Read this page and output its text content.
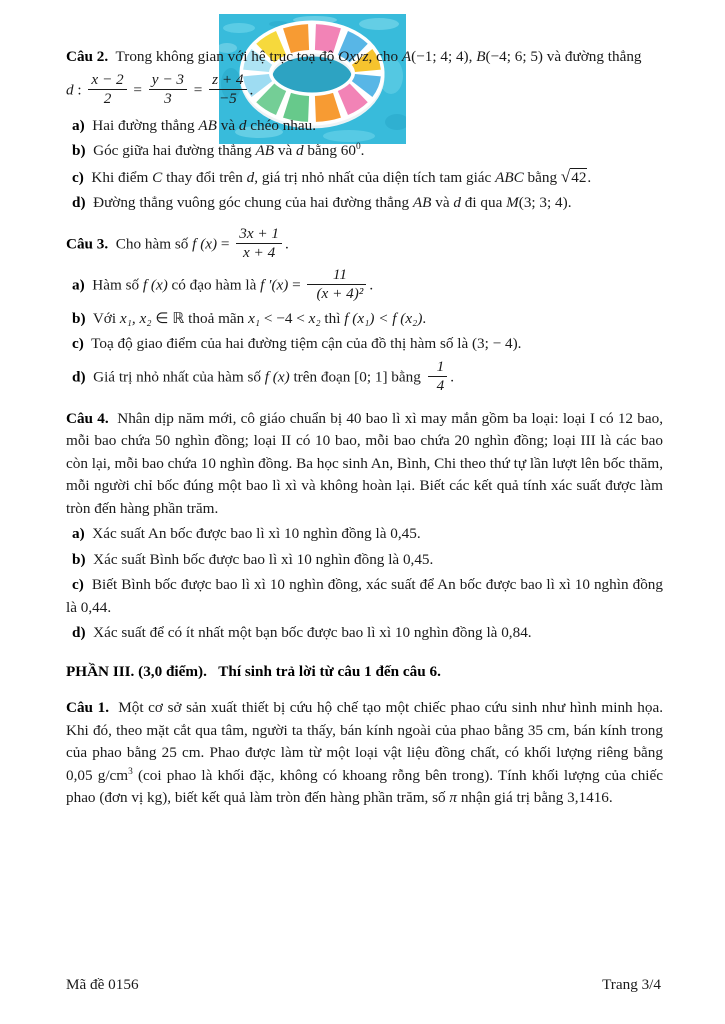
Câu 2. Trong không gian với hệ trục toạ độ Oxyz, cho A(−1; 4; 4), B(−4; 6; 5) và đường thẳng

d : $\frac{x - 2}{2} = \frac{y - 3}{3} = \frac{z + 4}{-5}$ .

a) Hai đường thẳng AB và d chéo nhau.

b) Góc giữa hai đường thẳng AB và d bằng $60^0$.

c) Khi điểm C thay đổi trên d, giá trị nhỏ nhất của diện tích tam giác ABC bằng √42.

d) Đường thẳng vuông góc chung của hai đường thẳng AB và d đi qua M(3; 3; 4).

Câu 3. Cho hàm số f $(x) = \frac{3x + 1}{x + 4}$ .

a) Hàm số f (x) có đạo hàm là f $'(x) = \frac{11}{\text{(x + 4)²}}$ .

b) Với x₁, x₂ ∈ ℝ thoả mãn x₁ < −4 < x₂ thì f (x₁) < f (x₂).

c) Toạ độ giao điểm của hai đường tiệm cận của đồ thị hàm số là (3; − 4).

d) Giá trị nhỏ nhất của hàm số f (x) trên đoạn [0; 1] bằng $\frac{1}{4}$ .

Câu 4. Nhân dịp năm mới, cô giáo chuẩn bị 40 bao lì xì may mắn gồm ba loại: loại I có 12 bao, mỗi bao chứa 50 nghìn đồng; loại II có 10 bao, mỗi bao chứa 20 nghìn đồng; loại III là các bao còn lại, mỗi bao chứa 10 nghìn đồng. Ba học sinh An, Bình, Chi theo thứ tự lần lượt lên bốc thăm, mỗi người chỉ bốc đúng một bao lì xì và không hoàn lại. Biết các kết quả tính xác suất được làm tròn đến hàng phần trăm.

a) Xác suất An bốc được bao lì xì 10 nghìn đồng là 0,45.

b) Xác suất Bình bốc được bao lì xì 10 nghìn đồng là 0,45.

c) Biết Bình bốc được bao lì xì 10 nghìn đồng, xác suất để An bốc được bao lì xì 10 nghìn đồng là 0,44.

d) Xác suất để có ít nhất một bạn bốc được bao lì xì 10 nghìn đồng là 0,84.

PHẦN III. (3,0 điểm).   Thí sinh trả lời từ câu 1 đến câu 6.

Câu 1. Một cơ sở sản xuất thiết bị cứu hộ chế tạo một chiếc phao cứu sinh như hình minh họa. Khi đó, theo mặt cắt qua tâm, người ta thấy, bán kính ngoài của phao bằng 35 cm, bán kính trong của phao bằng 25 cm. Phao được làm từ một loại vật liệu đồng chất, có khối lượng riêng bằng 0,05 $g/cm^3$ (coi phao là khối đặc, không có khoang rỗng bên trong). Tính khối lượng của chiếc phao (đơn vị kg), biết kết quả làm tròn đến hàng phần trăm, số π nhận giá trị bằng 3,1416.

Mã đề 0156	Trang 3/4
